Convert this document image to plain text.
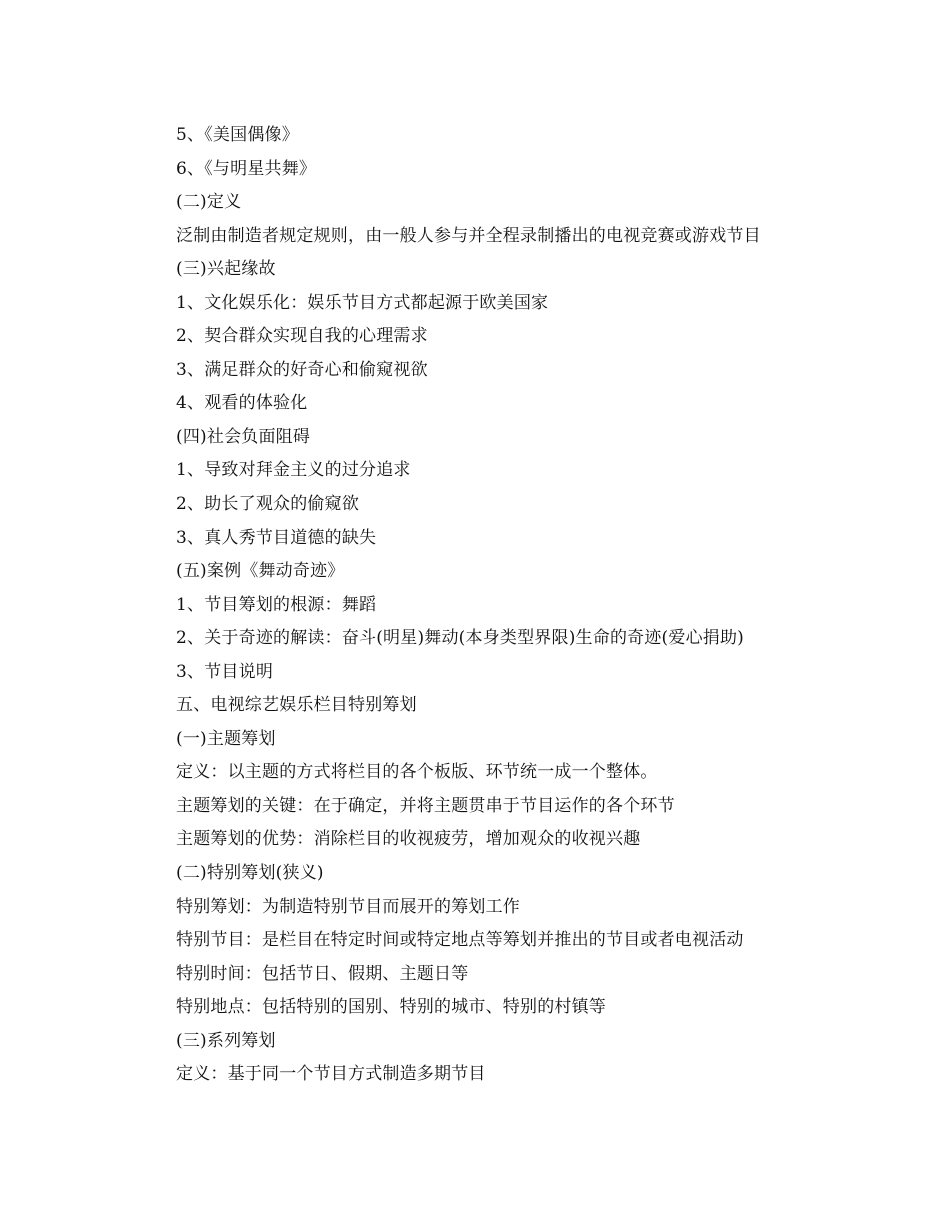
5、《美国偶像》
6、《与明星共舞》
(二)定义
泛制由制造者规定规则，由一般人参与并全程录制播出的电视竞赛或游戏节目
(三)兴起缘故
1、文化娱乐化：娱乐节目方式都起源于欧美国家
2、契合群众实现自我的心理需求
3、满足群众的好奇心和偷窥视欲
4、观看的体验化
(四)社会负面阻碍
1、导致对拜金主义的过分追求
2、助长了观众的偷窥欲
3、真人秀节目道德的缺失
(五)案例《舞动奇迹》
1、节目筹划的根源：舞蹈
2、关于奇迹的解读：奋斗(明星)舞动(本身类型界限)生命的奇迹(爱心捐助)
3、节目说明
五、电视综艺娱乐栏目特别筹划
(一)主题筹划
定义：以主题的方式将栏目的各个板版、环节统一成一个整体。
主题筹划的关键：在于确定，并将主题贯串于节目运作的各个环节
主题筹划的优势：消除栏目的收视疲劳，增加观众的收视兴趣
(二)特别筹划(狭义)
特别筹划：为制造特别节目而展开的筹划工作
特别节目：是栏目在特定时间或特定地点等筹划并推出的节目或者电视活动
特别时间：包括节日、假期、主题日等
特别地点：包括特别的国别、特别的城市、特别的村镇等
(三)系列筹划
定义：基于同一个节目方式制造多期节目
